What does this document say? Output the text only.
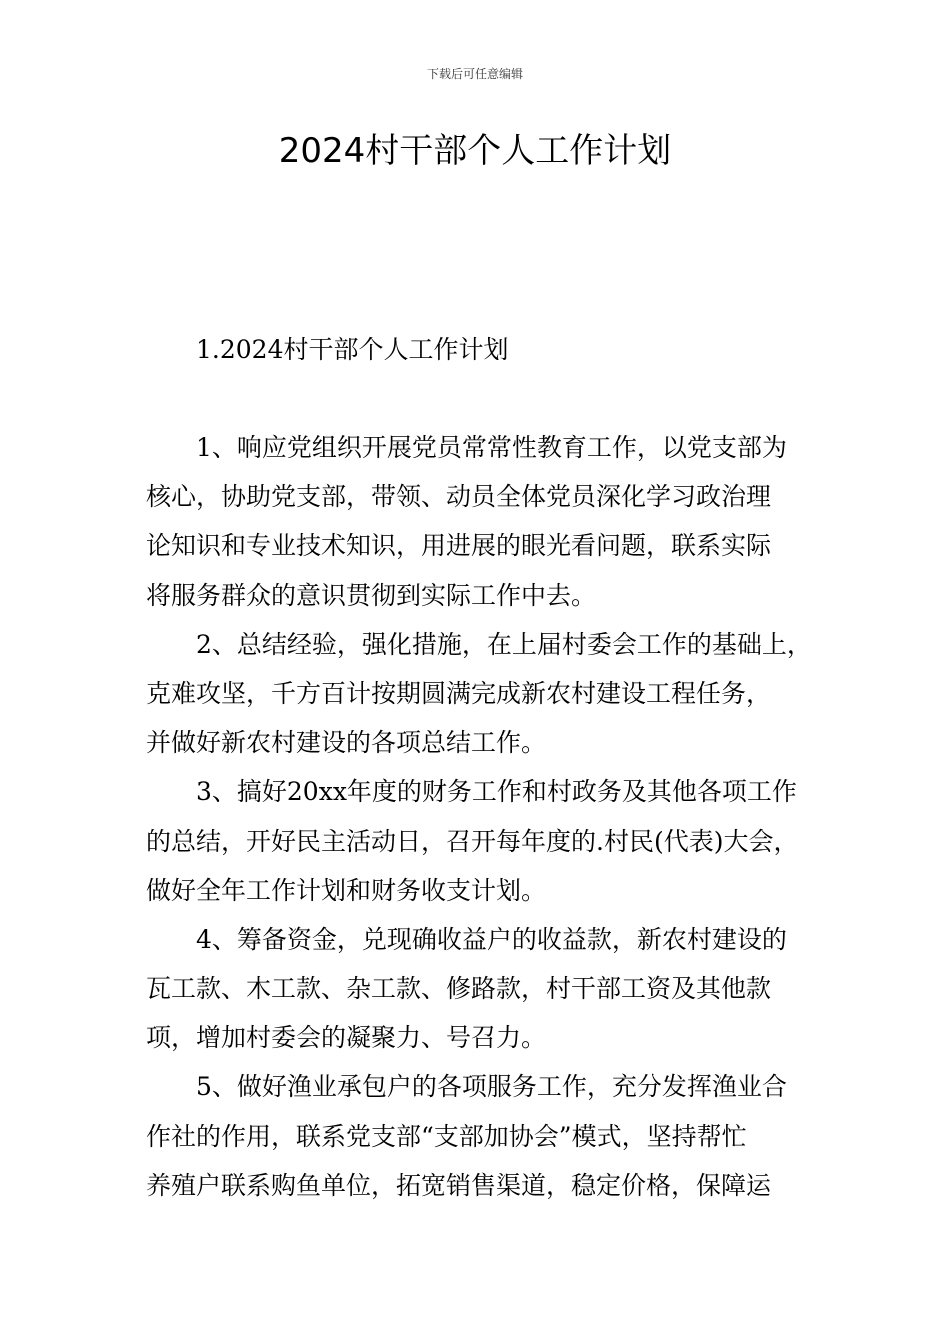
下载后可任意编辑
2024村干部个人工作计划
1.2024村干部个人工作计划
1、响应党组织开展党员常常性教育工作，以党支部为
核心，协助党支部，带领、动员全体党员深化学习政治理
论知识和专业技术知识，用进展的眼光看问题，联系实际
将服务群众的意识贯彻到实际工作中去。
2、总结经验，强化措施，在上届村委会工作的基础上，
克难攻坚，千方百计按期圆满完成新农村建设工程任务，
并做好新农村建设的各项总结工作。
3、搞好20xx年度的财务工作和村政务及其他各项工作
的总结，开好民主活动日，召开每年度的.村民(代表)大会，
做好全年工作计划和财务收支计划。
4、筹备资金，兑现确收益户的收益款，新农村建设的
瓦工款、木工款、杂工款、修路款，村干部工资及其他款
项，增加村委会的凝聚力、号召力。
5、做好渔业承包户的各项服务工作，充分发挥渔业合
作社的作用，联系党支部“支部加协会”模式，坚持帮忙
养殖户联系购鱼单位，拓宽销售渠道，稳定价格，保障运
